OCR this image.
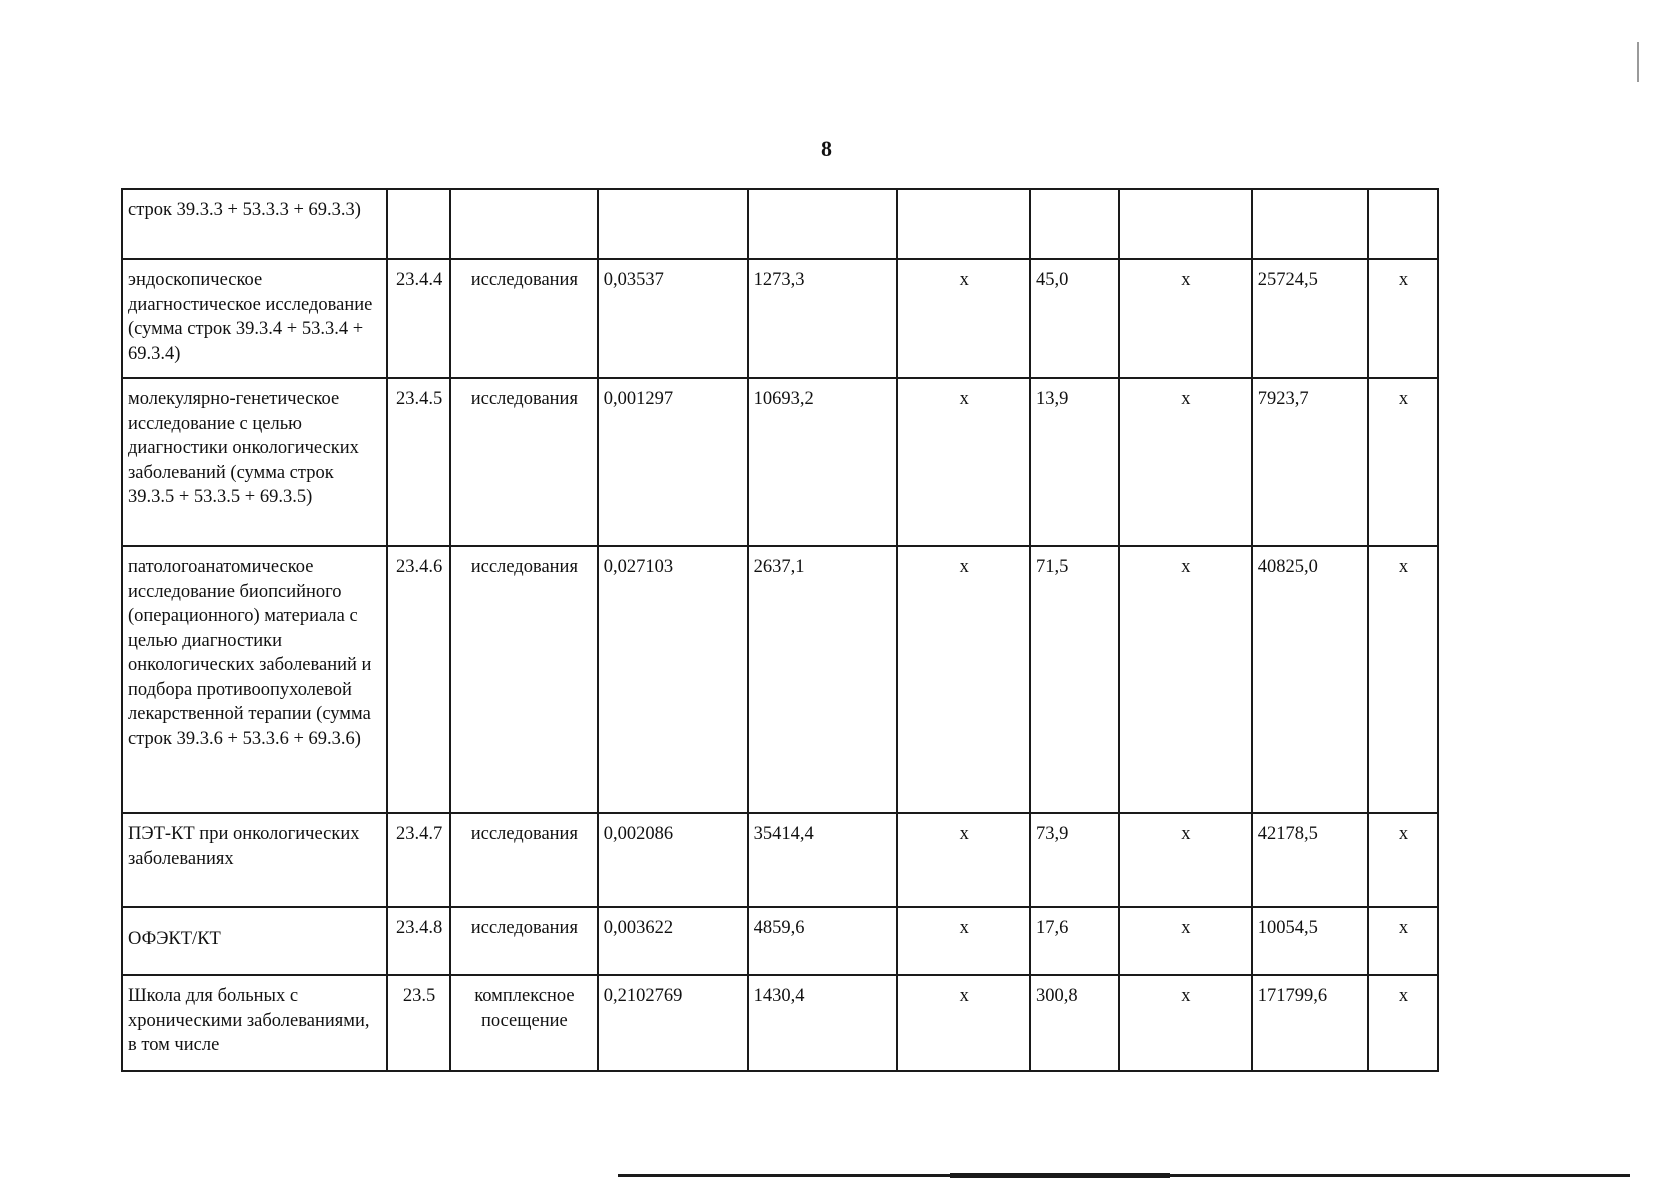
8
строк 39.3.3 + 53.3.3 + 69.3.3)									
эндоскопическое диагностическое исследование (сумма строк 39.3.4 + 53.3.4 + 69.3.4)	23.4.4	исследования	0,03537	1273,3	х	45,0	х	25724,5	х
молекулярно-генетическое исследование с целью диагностики онкологических заболеваний (сумма строк 39.3.5 + 53.3.5 + 69.3.5)	23.4.5	исследования	0,001297	10693,2	х	13,9	х	7923,7	х
патологоанатомическое исследование биопсийного (операционного) материала с целью диагностики онкологических заболеваний и подбора противоопухолевой лекарственной терапии (сумма строк 39.3.6 + 53.3.6 + 69.3.6)	23.4.6	исследования	0,027103	2637,1	х	71,5	х	40825,0	х
ПЭТ-КТ при онкологических заболеваниях	23.4.7	исследования	0,002086	35414,4	х	73,9	х	42178,5	х
ОФЭКТ/КТ	23.4.8	исследования	0,003622	4859,6	х	17,6	х	10054,5	х
Школа для больных с хроническими заболеваниями, в том числе	23.5	комплексное посещение	0,2102769	1430,4	х	300,8	х	171799,6	х
